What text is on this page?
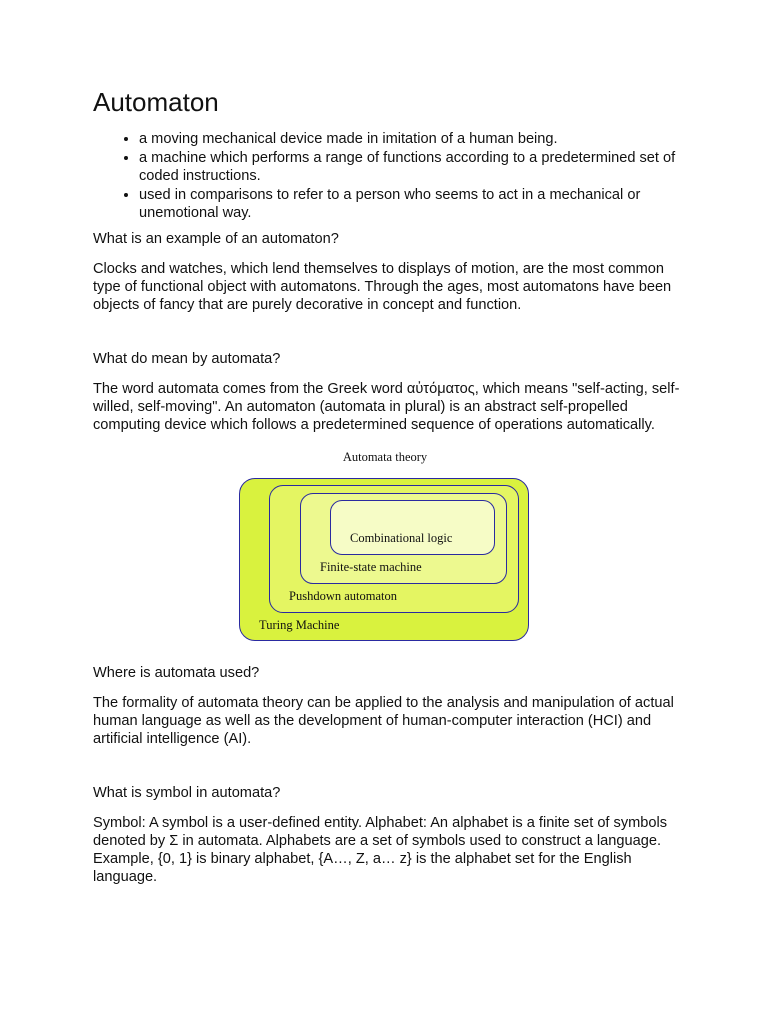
Automaton
• a moving mechanical device made in imitation of a human being.
• a machine which performs a range of functions according to a predetermined set of coded instructions.
• used in comparisons to refer to a person who seems to act in a mechanical or unemotional way.

What is an example of an automaton?

Clocks and watches, which lend themselves to displays of motion, are the most common type of functional object with automatons. Through the ages, most automatons have been objects of fancy that are purely decorative in concept and function.

What do mean by automata?

The word automata comes from the Greek word αὐτόματος, which means "self-acting, self-willed, self-moving". An automaton (automata in plural) is an abstract self-propelled computing device which follows a predetermined sequence of operations automatically.

Automata theory
Combinational logic
Finite-state machine
Pushdown automaton
Turing Machine

Where is automata used?

The formality of automata theory can be applied to the analysis and manipulation of actual human language as well as the development of human-computer interaction (HCI) and artificial intelligence (AI).

What is symbol in automata?

Symbol: A symbol is a user-defined entity. Alphabet: An alphabet is a finite set of symbols denoted by Σ in automata. Alphabets are a set of symbols used to construct a language. Example, {0, 1} is binary alphabet, {A…, Z, a… z} is the alphabet set for the English language.
